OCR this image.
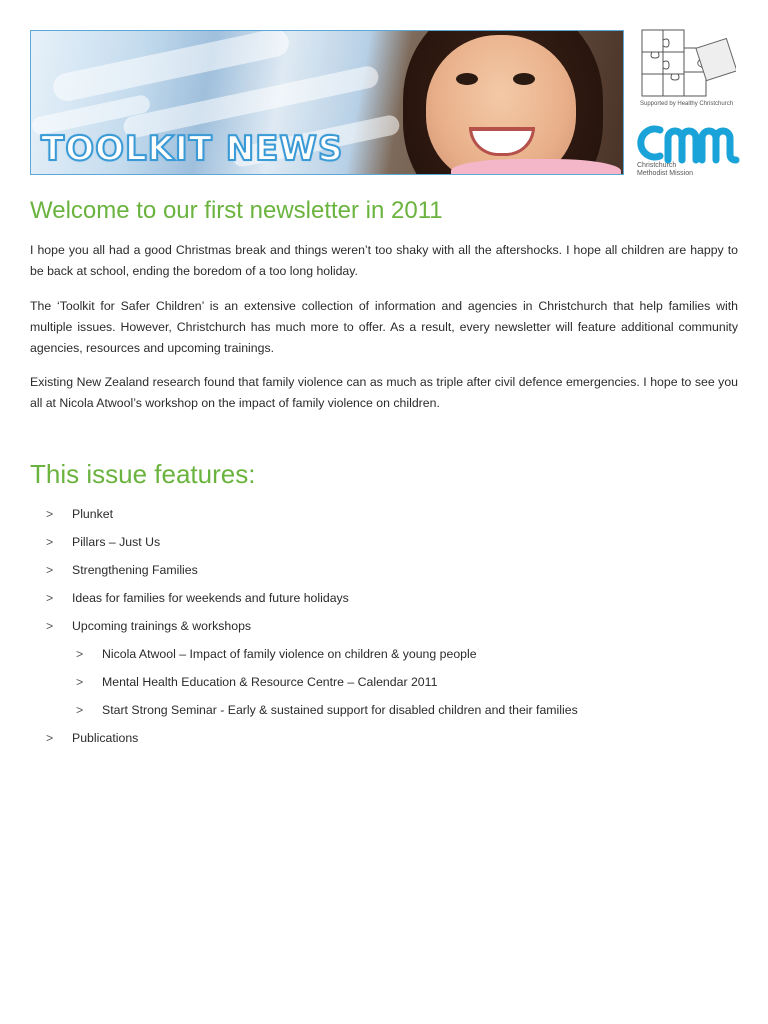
TOOLKIT NEWS
Supported by Healthy Christchurch
Christchurch
Methodist Mission
Welcome to our first newsletter in 2011

I hope you all had a good Christmas break and things weren’t too shaky with all the aftershocks. I hope all children are happy to be back at school, ending the boredom of a too long holiday.

The ‘Toolkit for Safer Children’ is an extensive collection of information and agencies in Christchurch that help families with multiple issues. However, Christchurch has much more to offer. As a result, every newsletter will feature additional community agencies, resources and upcoming trainings.

Existing New Zealand research found that family violence can as much as triple after civil defence emergencies. I hope to see you all at Nicola Atwool’s workshop on the impact of family violence on children.

This issue features:
> Plunket
> Pillars – Just Us
> Strengthening Families
> Ideas for families for weekends and future holidays
> Upcoming trainings & workshops
> Nicola Atwool – Impact of family violence on children & young people
> Mental Health Education & Resource Centre – Calendar 2011
> Start Strong Seminar - Early & sustained support for disabled children and their families
> Publications
